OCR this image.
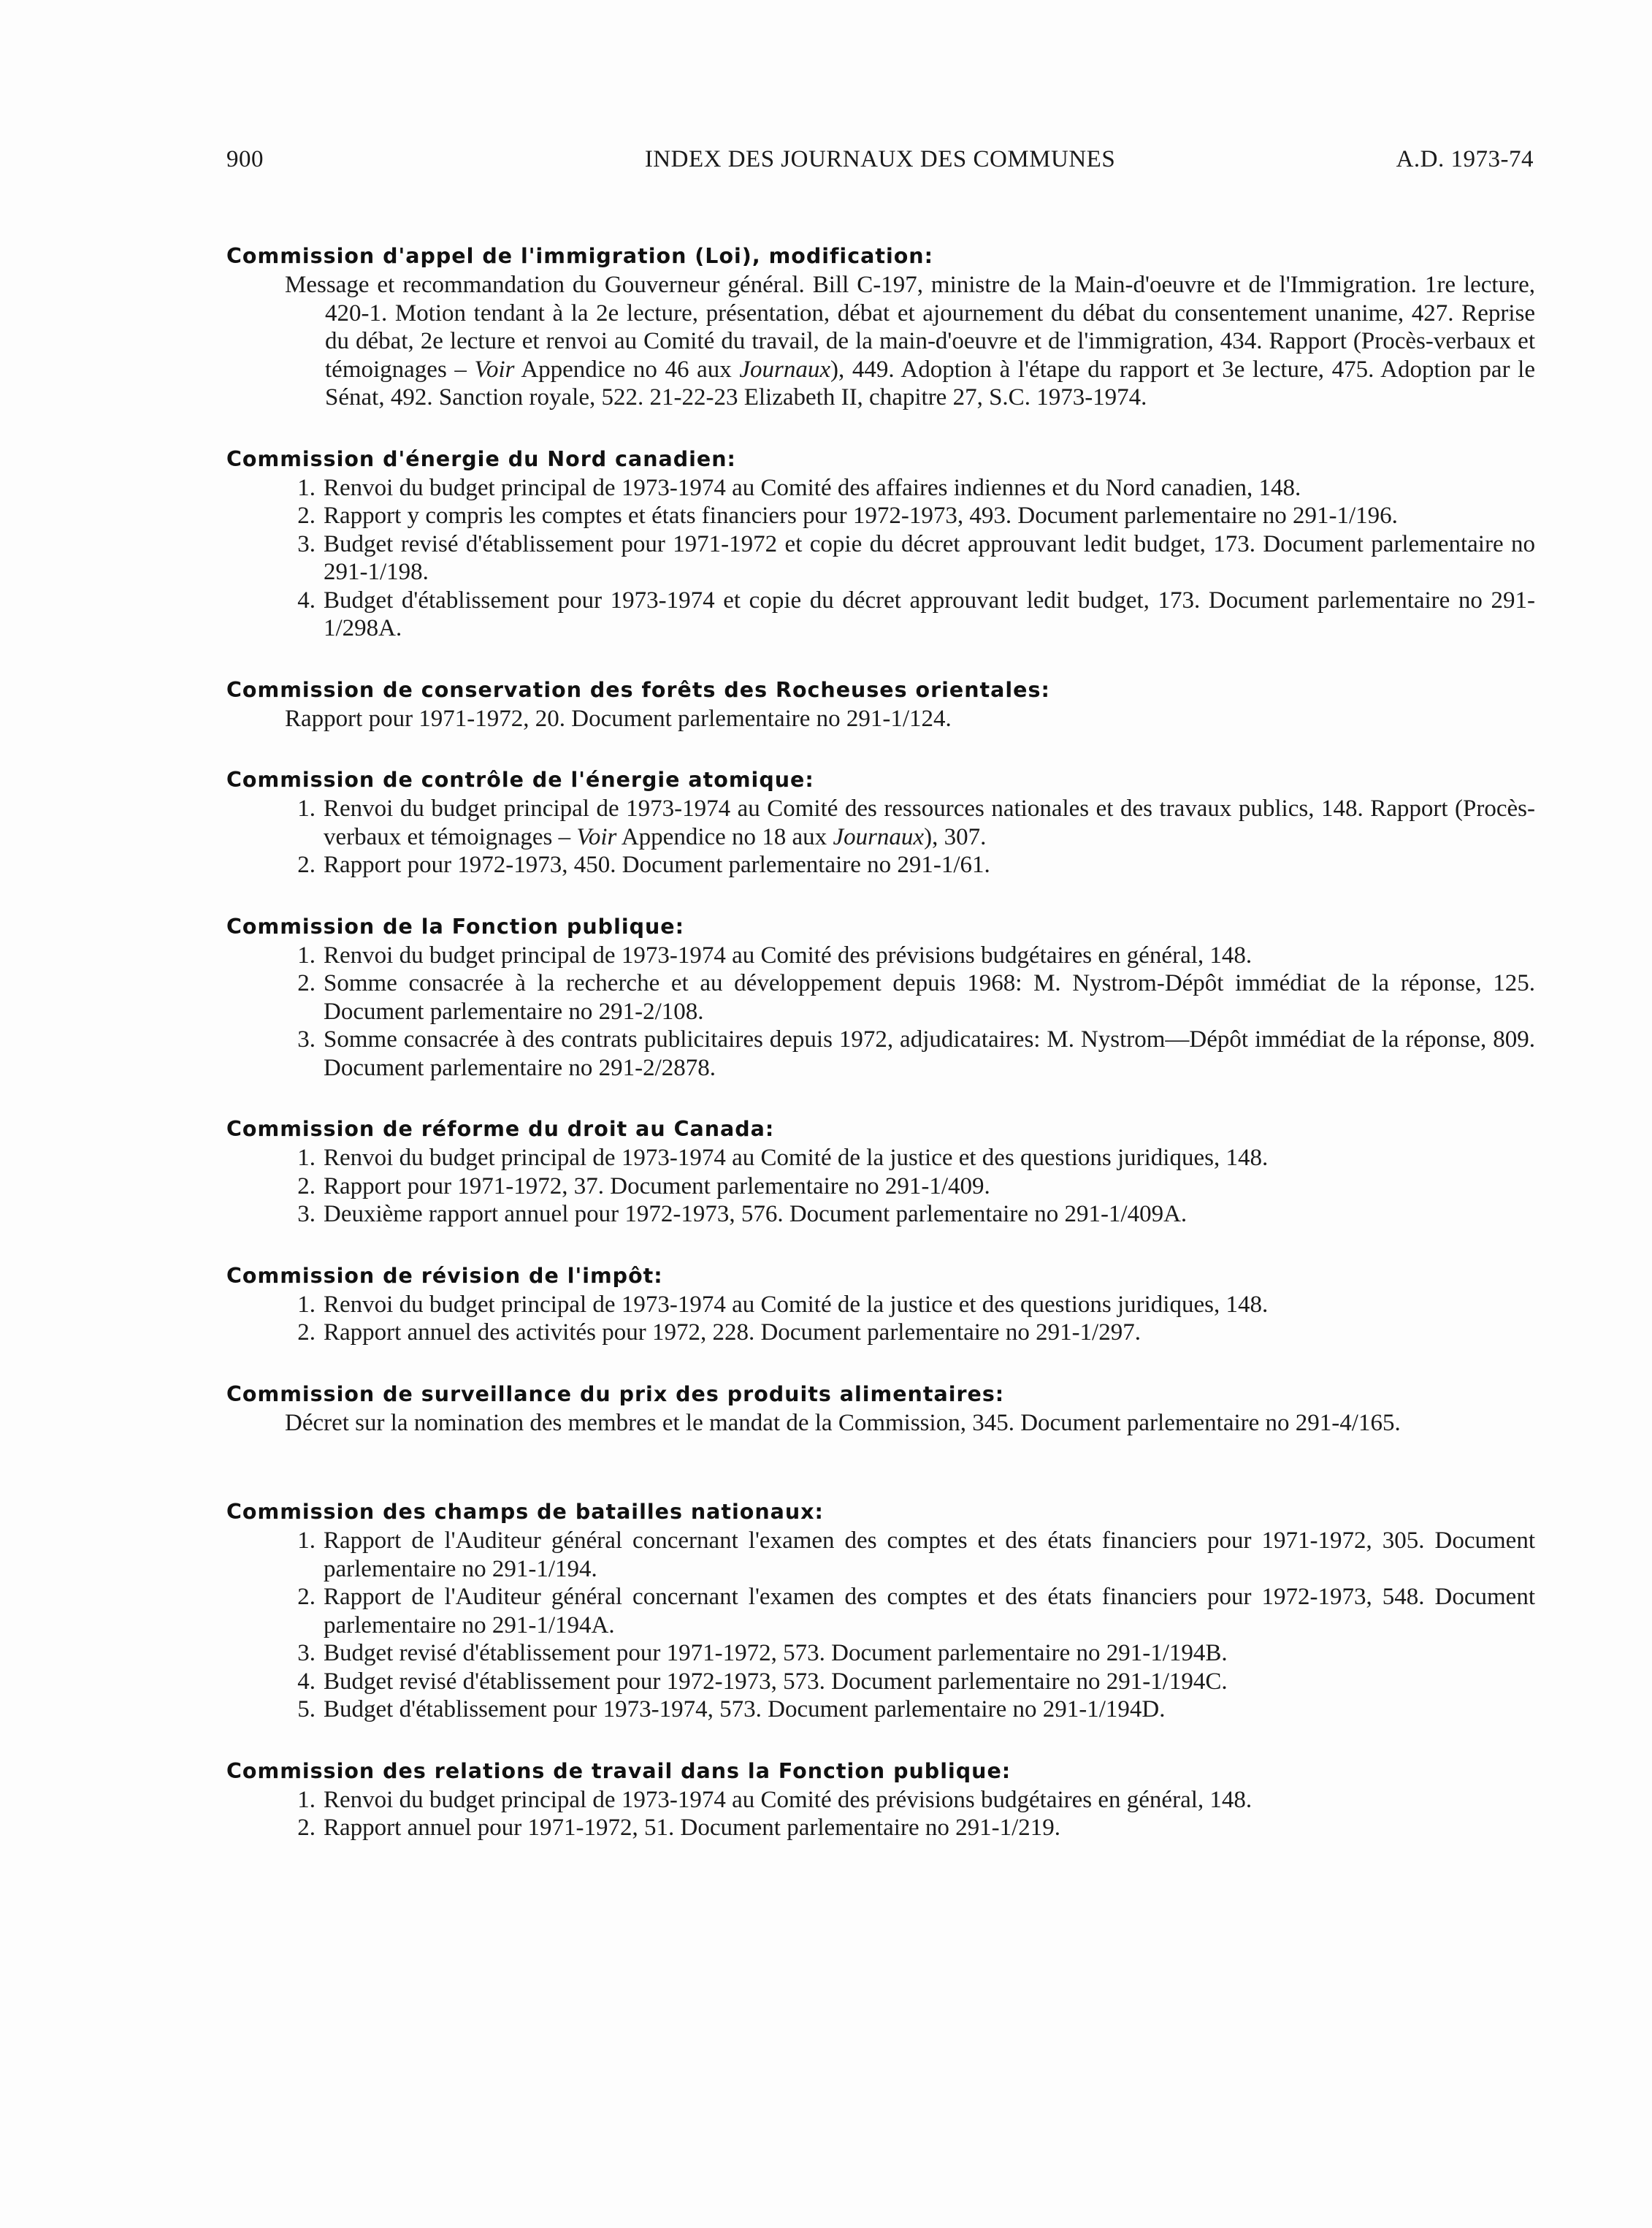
900	INDEX DES JOURNAUX DES COMMUNES	A.D. 1973-74
Commission d'appel de l'immigration (Loi), modification:

Message et recommandation du Gouverneur général. Bill C-197, ministre de la Main-d'oeuvre et de l'Immigration. 1re lecture, 420-1. Motion tendant à la 2e lecture, présentation, débat et ajournement du débat du consentement unanime, 427. Reprise du débat, 2e lecture et renvoi au Comité du travail, de la main-d'oeuvre et de l'immigration, 434. Rapport (Procès-verbaux et témoignages – Voir Appendice no 46 aux Journaux), 449. Adoption à l'étape du rapport et 3e lecture, 475. Adoption par le Sénat, 492. Sanction royale, 522. 21-22-23 Elizabeth II, chapitre 27, S.C. 1973-1974.

Commission d'énergie du Nord canadien:
1 . Renvoi du budget principal de 1973-1974 au Comité des affaires indiennes et du Nord canadien, 148.
2 . Rapport y compris les comptes et états financiers pour 1972-1973, 493. Document parlementaire no 291-1/196.
3 . Budget revisé d'établissement pour 1971-1972 et copie du décret approuvant ledit budget, 173. Document parlementaire no 291-1/198.
4 . Budget d'établissement pour 1973-1974 et copie du décret approuvant ledit budget, 173. Document parlementaire no 291-1/298A.
Commission de conservation des forêts des Rocheuses orientales:

Rapport pour 1971-1972, 20. Document parlementaire no 291-1/124.

Commission de contrôle de l'énergie atomique:
1 . Renvoi du budget principal de 1973-1974 au Comité des ressources nationales et des travaux publics, 148. Rapport (Procès-verbaux et témoignages – Voir Appendice no 18 aux Journaux), 307.
2 . Rapport pour 1972-1973, 450. Document parlementaire no 291-1/61.
Commission de la Fonction publique:
1 . Renvoi du budget principal de 1973-1974 au Comité des prévisions budgétaires en général, 148.
2 . Somme consacrée à la recherche et au développement depuis 1968: M. Nystrom-Dépôt immédiat de la réponse, 125. Document parlementaire no 291-2/108.
3 . Somme consacrée à des contrats publicitaires depuis 1972, adjudicataires: M. Nystrom—Dépôt immédiat de la réponse, 809. Document parlementaire no 291-2/2878.
Commission de réforme du droit au Canada:
1 . Renvoi du budget principal de 1973-1974 au Comité de la justice et des questions juridiques, 148.
2 . Rapport pour 1971-1972, 37. Document parlementaire no 291-1/409.
3 . Deuxième rapport annuel pour 1972-1973, 576. Document parlementaire no 291-1/409A.
Commission de révision de l'impôt:
1 . Renvoi du budget principal de 1973-1974 au Comité de la justice et des questions juridiques, 148.
2 . Rapport annuel des activités pour 1972, 228. Document parlementaire no 291-1/297.
Commission de surveillance du prix des produits alimentaires:

Décret sur la nomination des membres et le mandat de la Commission, 345. Document parlementaire no 291-4/165.

Commission des champs de batailles nationaux:
1 . Rapport de l'Auditeur général concernant l'examen des comptes et des états financiers pour 1971-1972, 305. Document parlementaire no 291-1/194.
2 . Rapport de l'Auditeur général concernant l'examen des comptes et des états financiers pour 1972-1973, 548. Document parlementaire no 291-1/194A.
3 . Budget revisé d'établissement pour 1971-1972, 573. Document parlementaire no 291-1/194B.
4 . Budget revisé d'établissement pour 1972-1973, 573. Document parlementaire no 291-1/194C.
5 . Budget d'établissement pour 1973-1974, 573. Document parlementaire no 291-1/194D.
Commission des relations de travail dans la Fonction publique:
1 . Renvoi du budget principal de 1973-1974 au Comité des prévisions budgétaires en général, 148.
2 . Rapport annuel pour 1971-1972, 51. Document parlementaire no 291-1/219.
